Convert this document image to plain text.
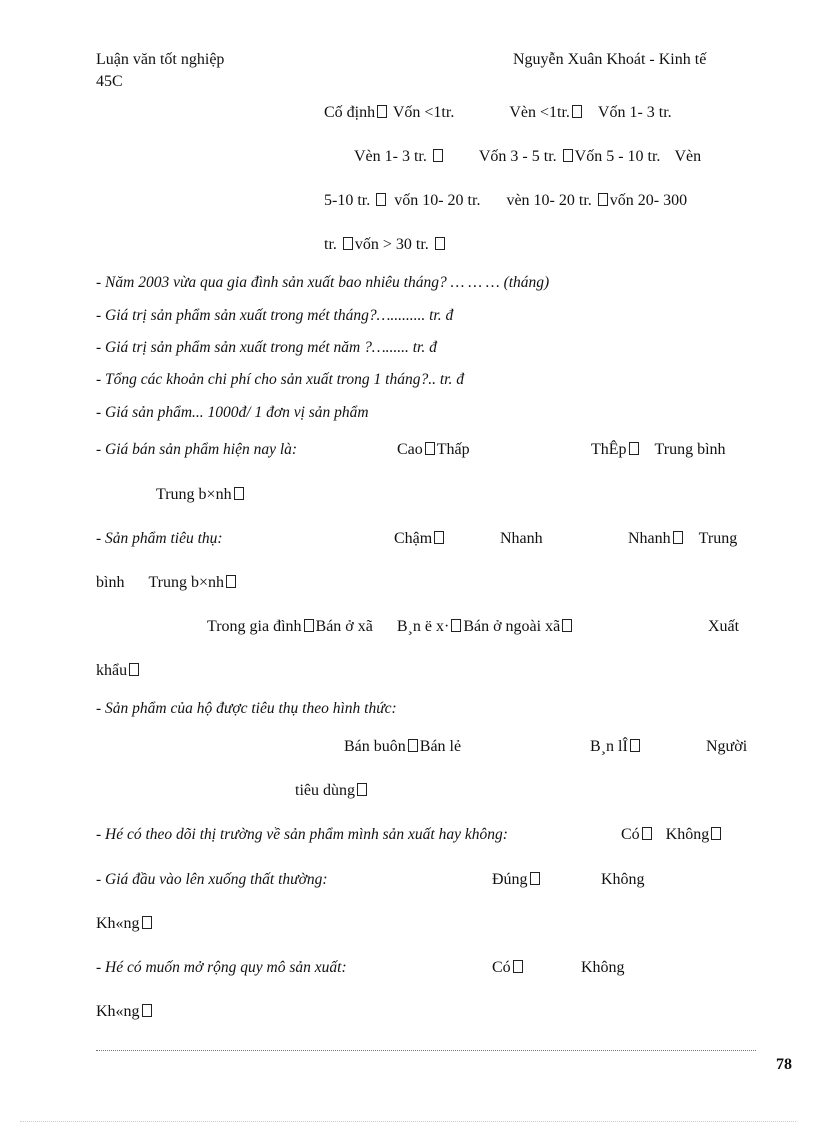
Luận văn tốt nghiệp	Nguyễn Xuân Khoát - Kinh tế
45C
Cố định Vốn <1tr.	Vèn <1tr. Vốn 1- 3 tr.
Vèn 1- 3 tr.	Vốn 3 - 5 tr. Vốn 5 - 10 tr. Vèn
5-10 tr. vốn 10- 20 tr. vèn 10- 20 tr. vốn 20- 300
tr. vốn > 30 tr.
- Năm 2003 vừa qua gia đình sản xuất bao nhiêu tháng? … … … (tháng)
- Giá trị sản phẩm sản xuất trong mét tháng?…......... tr. đ
- Giá trị sản phẩm sản xuất trong mét năm ?…...... tr. đ
- Tổng các khoản chi phí cho sản xuất trong 1 tháng?.. tr. đ
- Giá sản phẩm... 1000đ/ 1 đơn vị sản phẩm
- Giá bán sản phẩm hiện nay là:	Cao Thấp	ThÊp Trung bình
Trung b×nh
- Sản phẩm tiêu thụ:	Chậm	Nhanh	Nhanh Trung
bình Trung b×nh
Trong gia đình Bán ở xã B¸n ë x· Bán ở ngoài xã	Xuất
khẩu
- Sản phẩm của hộ được tiêu thụ theo hình thức:
Bán buôn Bán lẻ	B¸n lÎ	Người
tiêu dùng
- Hé có theo dõi thị trường về sản phẩm mình sản xuất hay không:	Có Không
- Giá đầu vào lên xuống thất thường:	Đúng	Không
Kh«ng
- Hé có muốn mở rộng quy mô sản xuất:	Có	Không
Kh«ng
78
